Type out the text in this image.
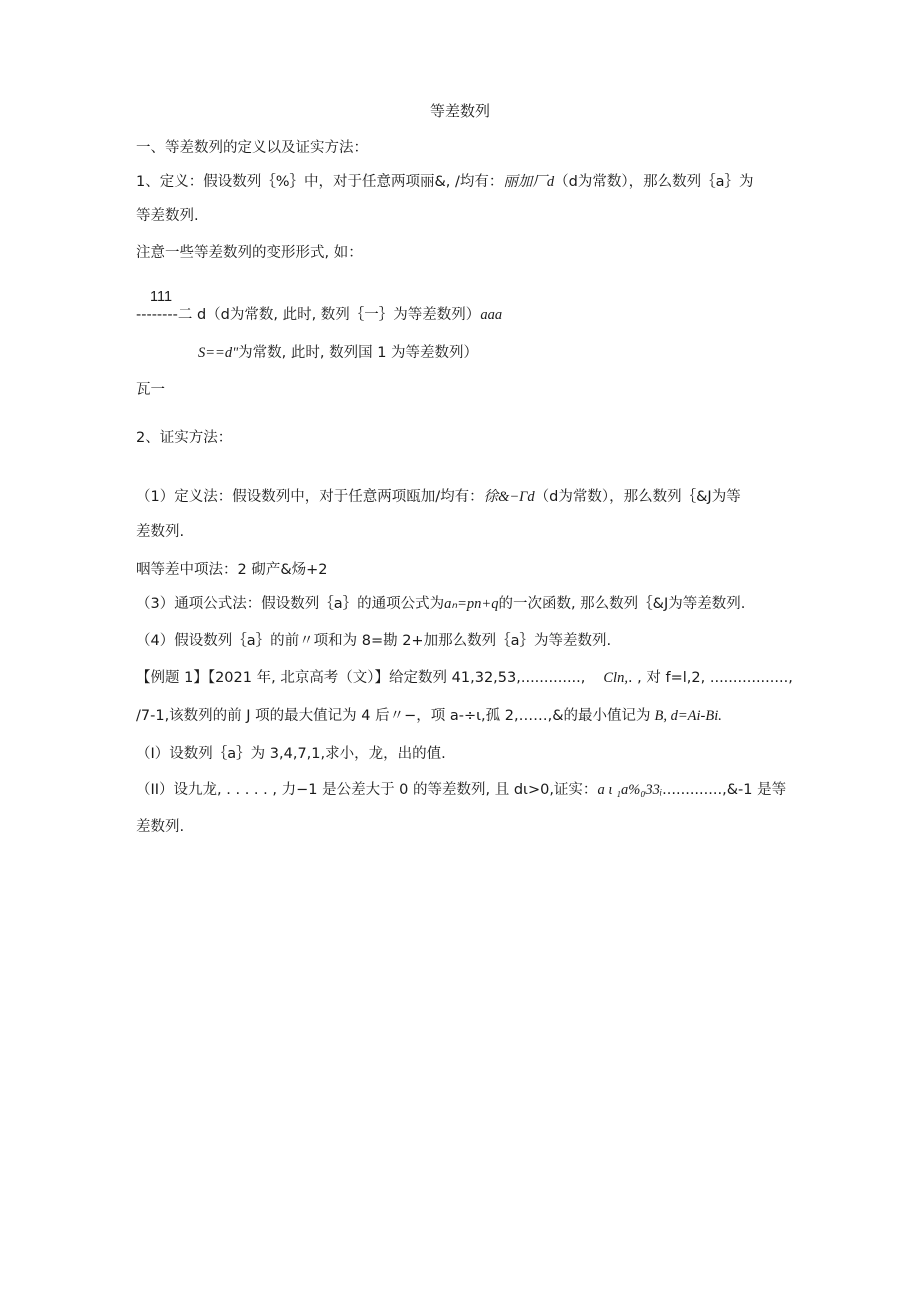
等差数列
一、等差数列的定义以及证实方法：
1、定义：假设数列｛%｝中，对于任意两项丽&, /均有：丽加厂d（d为常数），那么数列｛a｝为
等差数列.
注意一些等差数列的变形形式, 如：
111
--------二 d（d为常数, 此时, 数列｛一｝为等差数列）aaa
S==d"为常数, 此时, 数列国 1 为等差数列）
瓦一
2、证实方法：
（1）定义法：假设数列中，对于任意两项瓯加/均有：徐&−Γd（d为常数），那么数列｛&J为等
差数列.
咽等差中项法：2 砌产&炀+2
（3）通项公式法：假设数列｛a｝的通项公式为aₙ=pn+q的一次函数, 那么数列｛&J为等差数列.
（4）假设数列｛a｝的前〃项和为 8=勘 2+加那么数列｛a｝为等差数列.
【例题 1】【2021 年, 北京高考（文）】给定数列 41,32,53,............., Cln,. , 对 f=l,2, .................,
/7-1,该数列的前 J 项的最大值记为 4 后〃−，项 a-÷ι,孤 2,……,&的最小值记为 B, d=Ai-Bi.
（I）设数列｛a｝为 3,4,7,1,求小，龙，出的值.
（II）设九龙, . . . . . , 力−1 是公差大于 0 的等差数列, 且 dι>0,证实：a ι ₁a%₀33ᵢ.............,&-1 是等
差数列.
